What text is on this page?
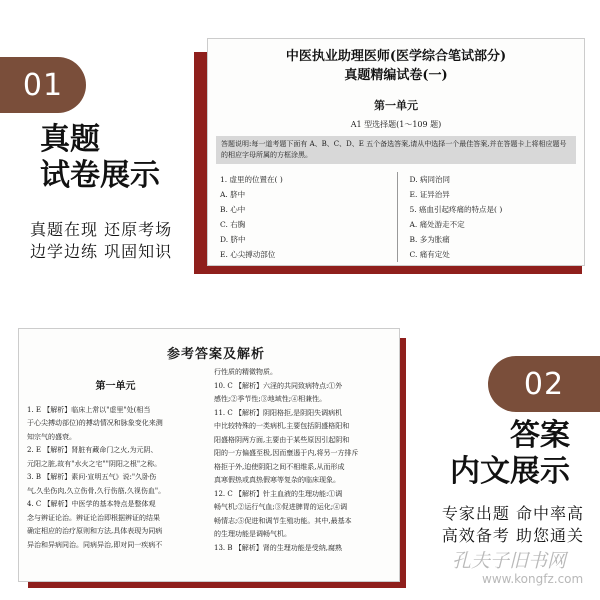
01
真题
试卷展示
真题在现 还原考场
边学边练 巩固知识
中医执业助理医师(医学综合笔试部分)
真题精编试卷(一)
第一单元
A1 型选择题(1～109 题)
答题说明:每一道考题下面有 A、B、C、D、E 五个备选答案,请从中选择一个最佳答案,并在答题卡上将相应题号的相应字母所属的方框涂黑。
1. 虚里的位置在( )
A. 脐中
B. 心中
C. 右胸
D. 脐中
E. 心尖搏动部位
D. 病同治同
E. 证异治异
5. 癌血引起疼痛的特点是( )
A. 痛处游走不定
B. 多为胀痛
C. 痛有定处
参考答案及解析
第一单元
1. E 【解析】临床上常以"虚里"处(相当
于心尖搏动部位)的搏动情况和脉象变化来测
知宗气的盛衰。
2. E 【解析】肾脏有藏命门之火,为元阴、
元阳之脏,故有"水火之宅""阴阳之根"之称。
3. B 【解析】素问·宣明五气》说:"久卧伤
气,久坐伤肉,久立伤骨,久行伤筋,久视伤血"。
4. C 【解析】中医学的基本特点是整体观
念与辨证论治。辨证论治即根据辨证的结果
确定相应的治疗原则和方法,具体表现为同病
异治和异病同治。同病异治,即对同一疾病不
行性质的精微物质。
10. C 【解析】六淫的共同致病特点:①外
感性;②季节性;③地域性;④相兼性。
11. C 【解析】阴阳格拒,是阴阳失调病机
中比较特殊的一类病机,主要包括阴盛格阳和
阳盛格阴两方面,主要由于某些原因引起阴和
阳的一方偏盛至极,因而壅遏于内,将另一方排斥
格拒于外,迫使阴阳之间不相维系,从而形成
真寒假热或真热假寒等复杂的临床现象。
12. C 【解析】针主血液的生理功能:①调
畅气机;②运行气血;③促进脾胃的运化;④调
畅情志;⑤促进和调节生殖功能。其中,最基本
的生理功能是调畅气机。
13. B 【解析】肾的生理功能是受纳,腐熟
02
答案
内文展示
专家出题 命中率高
高效备考 助您通关
孔夫子旧书网
www.kongfz.com
